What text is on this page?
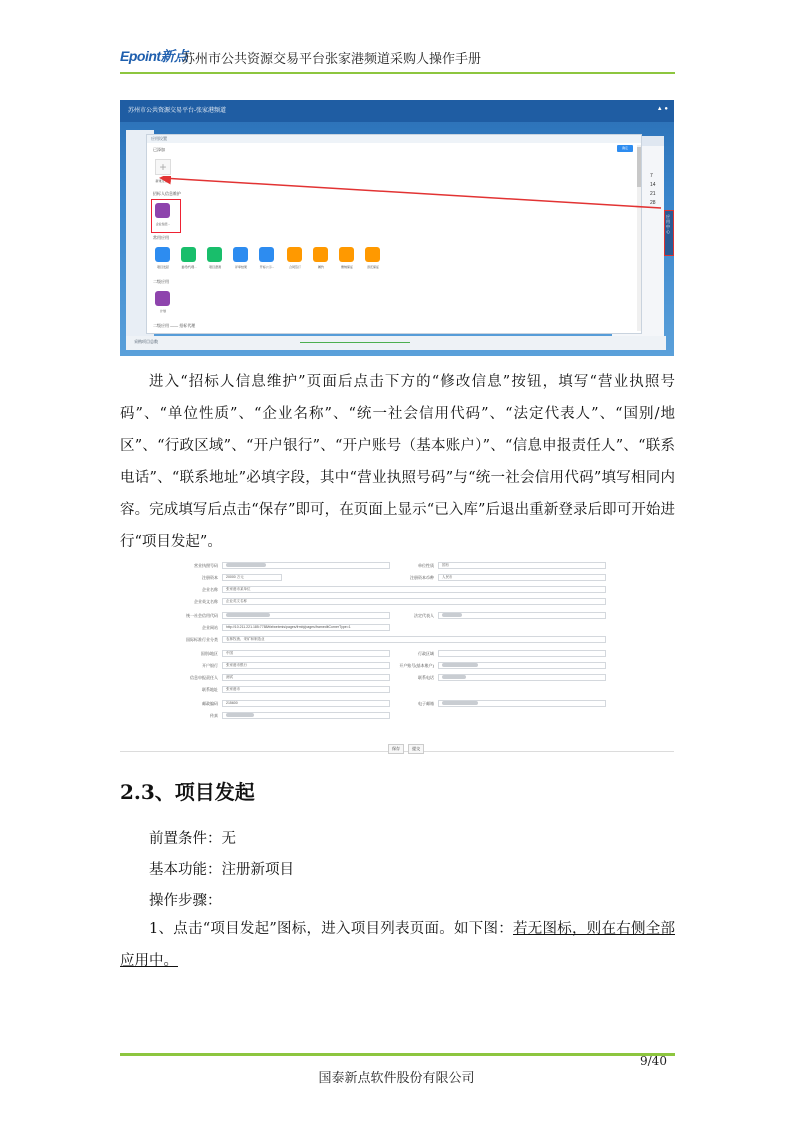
Epoint新点
苏州市公共资源交易平台张家港频道采购人操作手册
苏州市公共资源交易平台-张家港频道	▲ ●
7
14
21
28
应用中心
采购项目总数
应用设置
确定
已添加
+
新建文件夹
招标人信息维护
企业信息...
常用应用
项目发起	委托/代理...	项目澄清	评审结果	开标公示...	合同签订	履约	缴纳保证	退还保证
二级应用
计划
二级应用 —— 招标代理

进入“招标人信息维护”页面后点击下方的“修改信息”按钮，填写“营业执照号码”、“单位性质”、“企业名称”、“统一社会信用代码”、“法定代表人”、“国别/地区”、“行政区域”、“开户银行”、“开户账号（基本账户）”、“信息申报责任人”、“联系电话”、“联系地址”必填字段，其中“营业执照号码”与“统一社会信用代码”填写相同内容。完成填写后点击“保存”即可，在页面上显示“已入库”后退出重新登录后即可开始进行“项目发起”。

营业执照号码	单位性质	国有
注册资本	20000 万元	注册资本币种	人民币
企业名称	张家港市某单位
企业英文名称	企业英文名称
统一社会信用代码	法定代表人
企业网站	http://10.211.221.185:7788/tfzfwebmis/pages/frmbj/pages/frameditCornerType=1
国际标准行业分类	农林牧渔、采矿和制造业
国别/地区	中国	行政区域
开户银行	张家港市银行	开户账号(基本账户)
信息申报责任人	测试	联系电话
联系地址	张家港市
邮政编码	215600	电子邮箱
传真
保存	提交
2.3、项目发起
前置条件：无
基本功能：注册新项目
操作步骤：

1、点击“项目发起”图标，进入项目列表页面。如下图：若无图标，则在右侧全部应用中。

9/40
国泰新点软件股份有限公司
